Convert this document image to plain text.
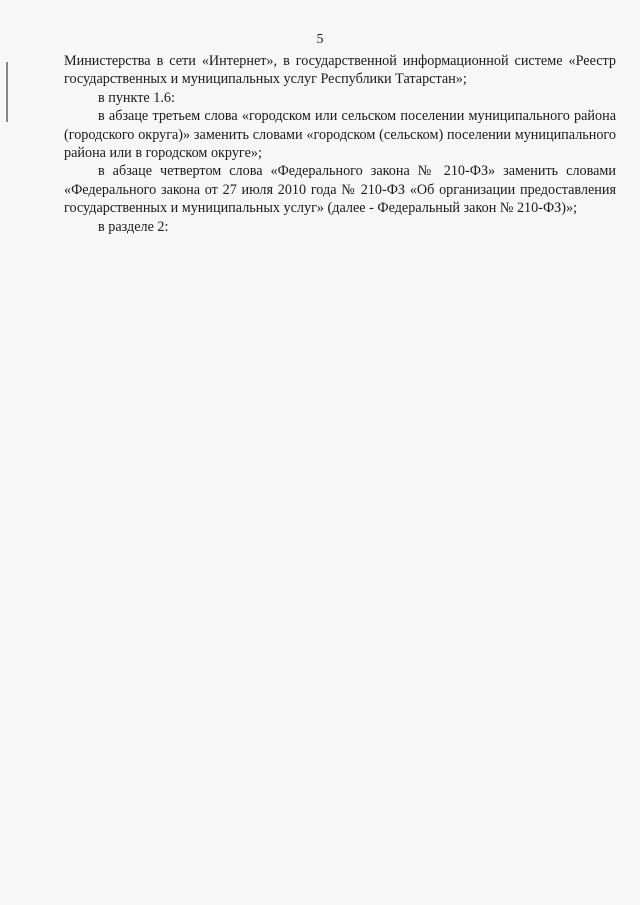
5

Министерства в сети «Интернет», в государственной информационной системе «Реестр государственных и муниципальных услуг Республики Татарстан»;

в пункте 1.6:

в абзаце третьем слова «городском или сельском поселении муниципального района (городского округа)» заменить словами «городском (сельском) поселении муниципального района или в городском округе»;

в абзаце четвертом слова «Федерального закона № 210-ФЗ» заменить словами «Федерального закона от 27 июля 2010 года № 210-ФЗ «Об организации предоставления государственных и муниципальных услуг» (далее - Федеральный закон № 210-ФЗ)»;

в разделе 2:
